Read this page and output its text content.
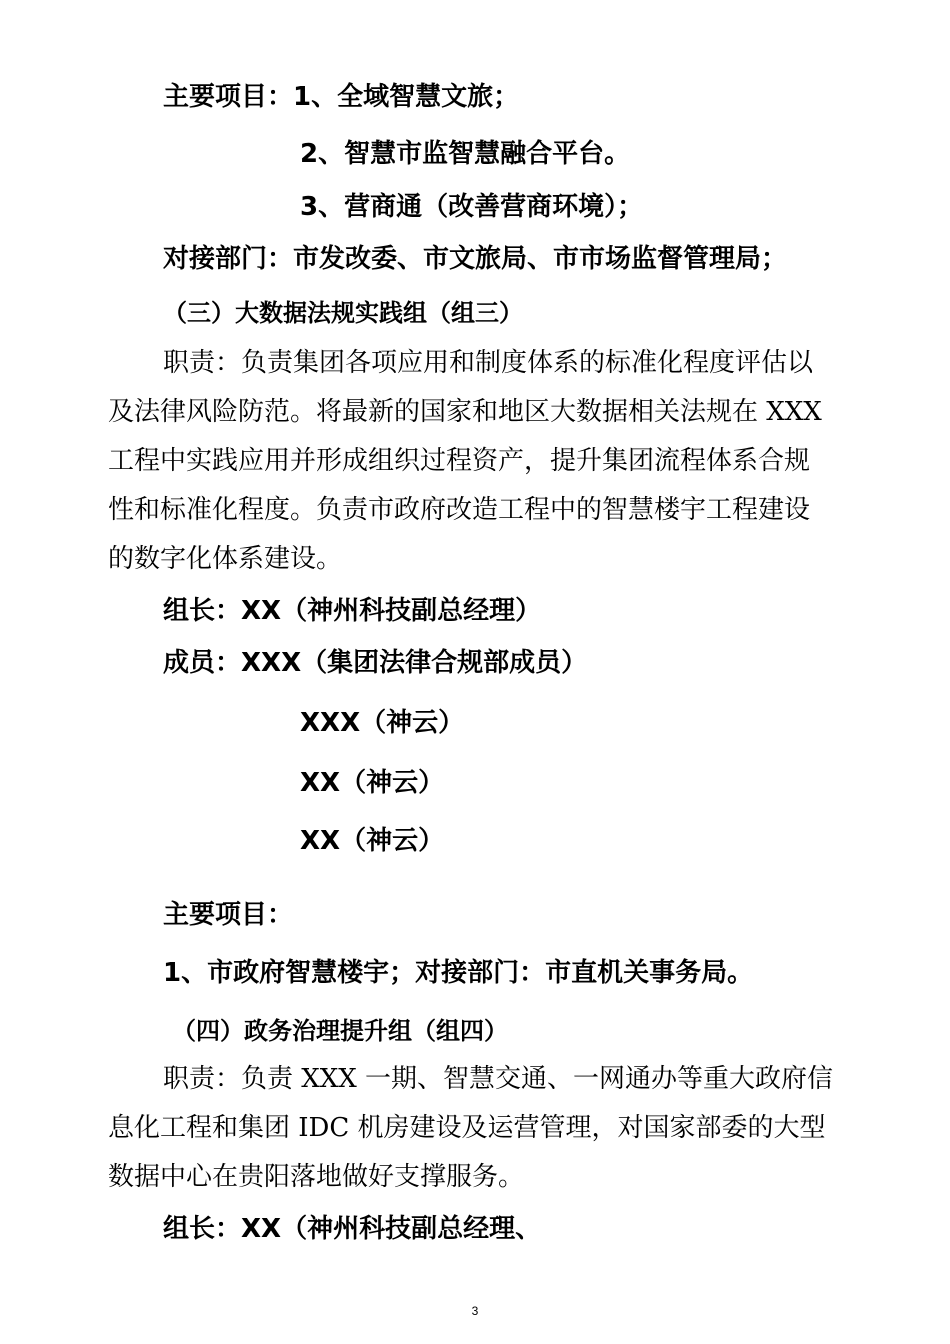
主要项目：1、全域智慧文旅；
2、智慧市监智慧融合平台。
3、营商通（改善营商环境）；
对接部门：市发改委、市文旅局、市市场监督管理局；
（三）大数据法规实践组（组三）
职责：负责集团各项应用和制度体系的标准化程度评估以
及法律风险防范。将最新的国家和地区大数据相关法规在 XXX
工程中实践应用并形成组织过程资产，提升集团流程体系合规
性和标准化程度。负责市政府改造工程中的智慧楼宇工程建设
的数字化体系建设。
组长：XX（神州科技副总经理）
成员：XXX（集团法律合规部成员）
XXX（神云）
XX（神云）
XX（神云）
主要项目：
1、市政府智慧楼宇；对接部门：市直机关事务局。
（四）政务治理提升组（组四）
职责：负责 XXX 一期、智慧交通、一网通办等重大政府信
息化工程和集团 IDC 机房建设及运营管理，对国家部委的大型
数据中心在贵阳落地做好支撑服务。
组长：XX（神州科技副总经理、
3
